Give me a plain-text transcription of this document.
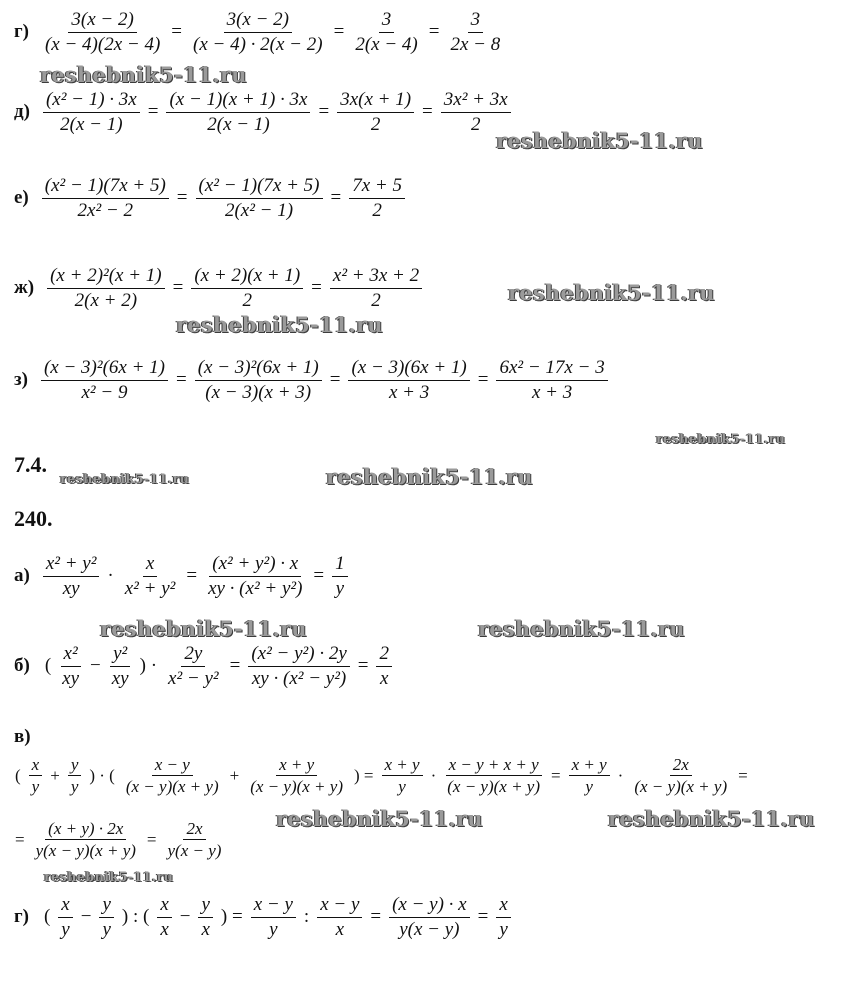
$г) \frac{3(x - 2)}{(x - 4)(2x - 4)} = \frac{3(x - 2)}{(x - 4) \cdot 2(x - 2)} = \frac{3}{2(x - 4)} = \frac{3}{2x - 8}$
$д) \frac{\text{(x² − 1) · 3x}}{2(x - 1)} = \frac{(x - 1)(x + 1) \cdot 3x}{2(x - 1)} = \frac{3x(x + 1)}{2} = \frac{\text{3x² + 3x}}{2}$
$е) \frac{\text{(x² − 1)(7x + 5)}}{\text{2x² − 2}} = \frac{\text{(x² − 1)(7x + 5)}}{\text{2(x² − 1)}} = \frac{7x + 5}{2}$
$ж) \frac{\text{(x + 2)²(x + 1)}}{2(x + 2)} = \frac{(x + 2)(x + 1)}{2} = \frac{\text{x² + 3x + 2}}{2}$
$з) \frac{\text{(x − 3)²(6x + 1)}}{\text{x² − 9}} = \frac{\text{(x − 3)²(6x + 1)}}{(x - 3)(x + 3)} = \frac{(x - 3)(6x + 1)}{x + 3} = \frac{\text{6x² − 17x − 3}}{x + 3}$
$а) \frac{\text{x² + y²}}{xy} \cdot \frac{x}{\text{x² + y²}} = \frac{\text{(x² + y²) · x}}{\text{xy · (x² + y²)}} = \frac{1}{y}$
б) ( $\frac{\text{x²}}{xy} - \frac{\text{y²}}{xy}$ ) · $\frac{2y}{\text{x² − y²}} = \frac{\text{(x² − y²) · 2y}}{\text{xy · (x² − y²)}} = \frac{2}{x}$
в)
( $\frac{x}{y} + \frac{y}{y}$ ) · ( $\frac{x - y}{(x - y)(x + y)} + \frac{x + y}{(x - y)(x + y)}$ ) = $\frac{x + y}{y} \cdot \frac{x - y + x + y}{(x - y)(x + y)} = \frac{x + y}{y} \cdot \frac{2x}{(x - y)(x + y)}$ =
= $\frac{(x + y) \cdot 2x}{y(x - y)(x + y)} = \frac{2x}{y(x - y)}$
г) ( $\frac{x}{y} - \frac{y}{y}$ ) : ( $\frac{x}{x} - \frac{y}{x}$ ) = $\frac{x - y}{y}$ : $\frac{x - y}{x} = \frac{(x - y) \cdot x}{y(x - y)} = \frac{x}{y}$
7.4.
240.
reshebnik5-11.ru
reshebnik5-11.ru
reshebnik5-11.ru
reshebnik5-11.ru
reshebnik5-11.ru
reshebnik5-11.ru	reshebnik5-11.ru
reshebnik5-11.ru	reshebnik5-11.ru
reshebnik5-11.ru	reshebnik5-11.ru
reshebnik5-11.ru
